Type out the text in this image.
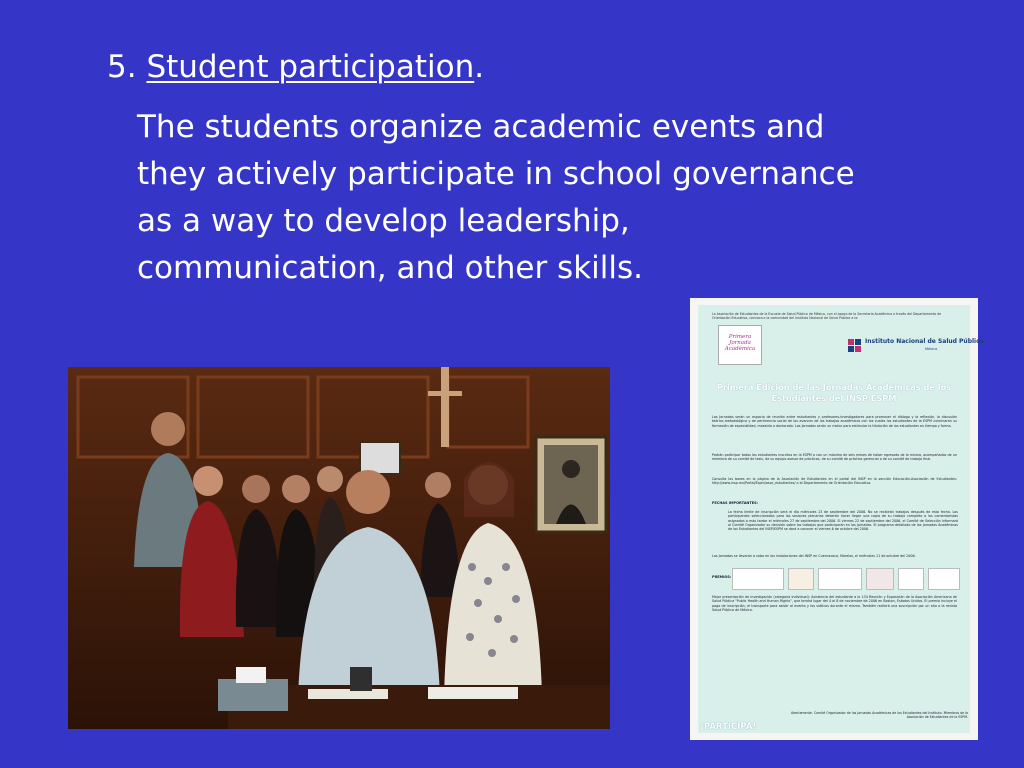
5. Student participation.

The students organize academic events and they actively participate in school governance as a way to develop leadership, communication, and other skills.

La Asociación de Estudiantes de la Escuela de Salud Pública de México, con el apoyo de la Secretaría Académica a través del Departamento de Orientación Educativa, convoca a la comunidad del Instituto Nacional de Salud Pública a la:
Primera Jornada Académica
Instituto Nacional de Salud Pública
México
Primera Edición de las Jornadas Académicas de los Estudiantes del INSP/ESPM
Las Jornadas serán un espacio de reunión entre estudiantes y profesores-investigadores para promover el diálogo y la reflexión, la discusión teórico-metodológica y de pertinencia social de los avances de los trabajos académicos con los cuales los estudiantes de la ESPM culminarán su formación de especialidad, maestría o doctorado. Las Jornadas serán un motor para estimular la titulación de los estudiantes en tiempo y forma.
Podrán participar todos los estudiantes inscritos en la ESPM o con un máximo de seis meses de haber egresado de la misma, acompañados de un miembro de su comité de tesis, de su equipo asesor de prácticas, de su comité de práctica gerencial o de su comité de trabajo final.
Consulta las bases en la página de la Asociación de Estudiantes en el portal del INSP en la sección Educación-Asociación de Estudiantes: http://www.insp.mx/Portal/Espm/asoc_estudiantes/ o al Departamento de Orientación Educativa.
FECHAS IMPORTANTES:
La fecha límite de inscripción será el día miércoles 13 de septiembre del 2006. No se recibirán trabajos después de esta fecha. Los participantes seleccionados para las sesiones plenarias deberán hacer llegar una copia de su trabajo completo a los comentaristas asignados a más tardar el miércoles 27 de septiembre del 2006. El viernes 22 de septiembre del 2006, el Comité de Selección informará al Comité Organizador su decisión sobre los trabajos que participarán en las Jornadas. El programa detallado de las Jornadas Académicas de los Estudiantes del INSP/ESPM se dará a conocer el viernes 6 de octubre del 2006.
Las Jornadas se llevarán a cabo en las instalaciones del INSP en Cuernavaca, Morelos, el miércoles 11 de octubre del 2006.
PREMIOS:
Mejor presentación de investigación (categoría individual): Asistencia del estudiante a la 134 Reunión y Exposición de la Asociación Americana de Salud Pública "Public Health and Human Rights", que tendrá lugar del 4 al 8 de noviembre de 2006 en Boston, Estados Unidos. El premio incluye el pago de inscripción, el transporte para asistir al evento y los viáticos durante el mismo. También recibirá una suscripción por un año a la revista Salud Pública de México.
Atentamente. Comité Organizador de las Jornadas Académicas de los Estudiantes del Instituto. Miembros de la Asociación de Estudiantes de la ESPM.
¡PARTICIPA!
